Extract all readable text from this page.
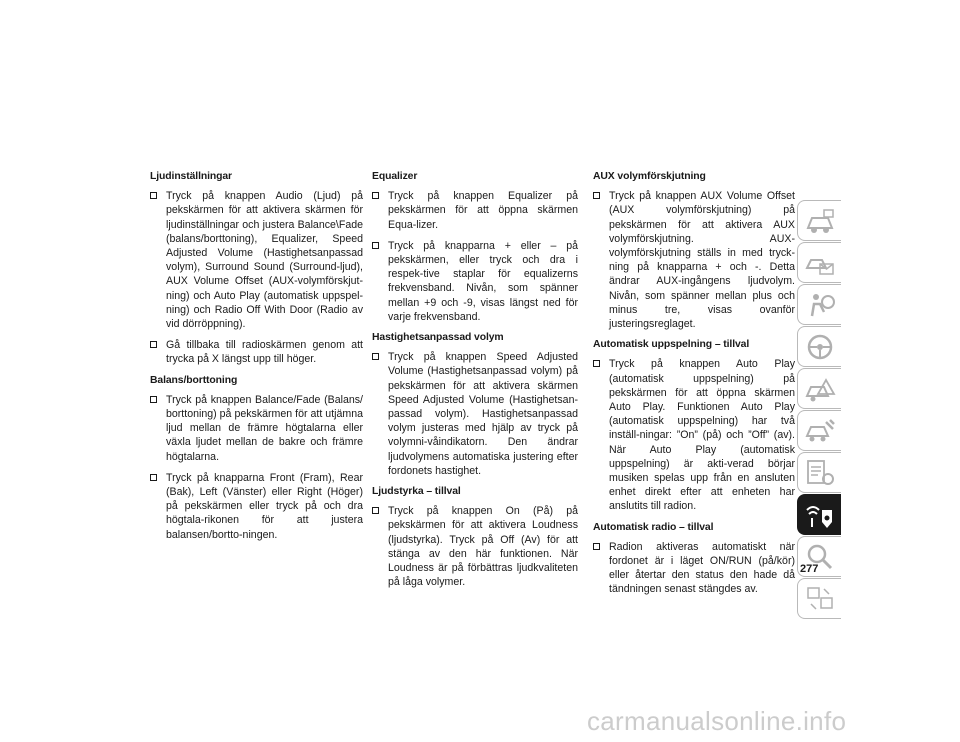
Ljudinställningar
Tryck på knappen Audio (Ljud) på pekskärmen för att aktivera skärmen för ljudinställningar och justera Balance\Fade (balans/borttoning), Equalizer, Speed Adjusted Volume (Hastighetsanpassad volym), Surround Sound (Surround-ljud), AUX Volume Offset (AUX-volymförskjut-ning) och Auto Play (automatisk uppspel-ning) och Radio Off With Door (Radio av vid dörröppning).
Gå tillbaka till radioskärmen genom att trycka på X längst upp till höger.
Balans/borttoning
Tryck på knappen Balance/Fade (Balans/ borttoning) på pekskärmen för att utjämna ljud mellan de främre högtalarna eller växla ljudet mellan de bakre och främre högtalarna.
Tryck på knapparna Front (Fram), Rear (Bak), Left (Vänster) eller Right (Höger) på pekskärmen eller tryck på och dra högtala-rikonen för att justera balansen/bortto-ningen.
Equalizer
Tryck på knappen Equalizer på pekskärmen för att öppna skärmen Equa-lizer.
Tryck på knapparna + eller – på pekskärmen, eller tryck och dra i respek-tive staplar för equalizerns frekvensband. Nivån, som spänner mellan +9 och -9, visas längst ned för varje frekvensband.
Hastighetsanpassad volym
Tryck på knappen Speed Adjusted Volume (Hastighetsanpassad volym) på pekskärmen för att aktivera skärmen Speed Adjusted Volume (Hastighetsan-passad volym). Hastighetsanpassad volym justeras med hjälp av tryck på volymni-våindikatorn. Den ändrar ljudvolymens automatiska justering efter fordonets hastighet.
Ljudstyrka – tillval
Tryck på knappen On (På) på pekskärmen för att aktivera Loudness (ljudstyrka). Tryck på Off (Av) för att stänga av den här funktionen. När Loudness är på förbättras ljudkvaliteten på låga volymer.
AUX volymförskjutning
Tryck på knappen AUX Volume Offset (AUX volymförskjutning) på pekskärmen för att aktivera AUX volymförskjutning. AUX-volymförskjutning ställs in med tryck-ning på knapparna + och -. Detta ändrar AUX-ingångens ljudvolym. Nivån, som spänner mellan plus och minus tre, visas ovanför justeringsreglaget.
Automatisk uppspelning – tillval
Tryck på knappen Auto Play (automatisk uppspelning) på pekskärmen för att öppna skärmen Auto Play. Funktionen Auto Play (automatisk uppspelning) har två inställ-ningar: ”On” (på) och ”Off” (av). När Auto Play (automatisk uppspelning) är akti-verad börjar musiken spelas upp från en ansluten enhet direkt efter att enheten har anslutits till radion.
Automatisk radio – tillval
Radion aktiveras automatiskt när fordonet är i läget ON/RUN (på/kör) eller återtar den status den hade då tändningen senast stängdes av.
277
carmanualsonline.info
